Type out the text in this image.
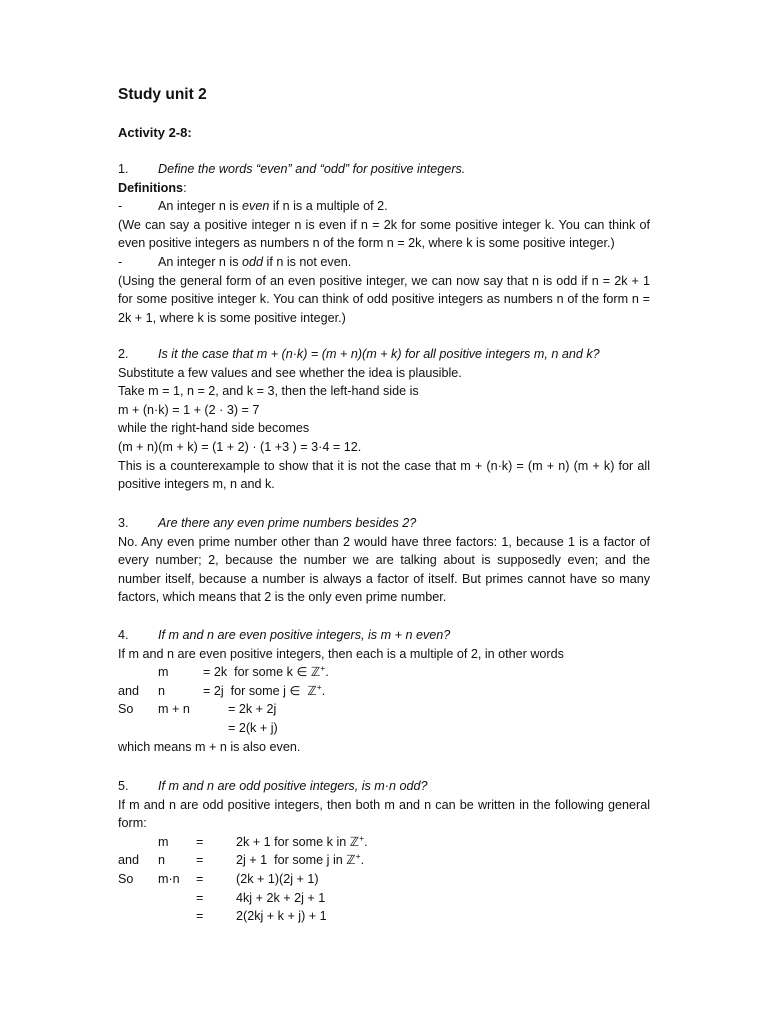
Study unit 2
Activity 2-8:
1.	Define the words “even” and “odd” for positive integers.
Definitions:
-	An integer n is even if n is a multiple of 2.
(We can say a positive integer n is even if n = 2k for some positive integer k. You can think of even positive integers as numbers n of the form n = 2k, where k is some positive integer.)
-	An integer n is odd if n is not even.
(Using the general form of an even positive integer, we can now say that n is odd if n = 2k + 1 for some positive integer k. You can think of odd positive integers as numbers n of the form n = 2k + 1, where k is some positive integer.)
2.	Is it the case that m + (n·k) = (m + n)(m + k) for all positive integers m, n and k?
Substitute a few values and see whether the idea is plausible.
Take m = 1, n = 2, and k = 3, then the left-hand side is
m + (n·k) = 1 + (2 · 3) = 7
while the right-hand side becomes
(m + n)(m + k) = (1 + 2) · (1 +3 ) = 3·4 = 12.
This is a counterexample to show that it is not the case that m + (n·k) = (m + n) (m + k) for all positive integers m, n and k.
3.	Are there any even prime numbers besides 2?
No. Any even prime number other than 2 would have three factors: 1, because 1 is a factor of every number; 2, because the number we are talking about is supposedly even; and the number itself, because a number is always a factor of itself. But primes cannot have so many factors, which means that 2 is the only even prime number.
4.	If m and n are even positive integers, is m + n even?
If m and n are even positive integers, then each is a multiple of 2, in other words
m	= 2k  for some k ∈ ℤ+.
and	n	= 2j  for some j ∈  ℤ+.
So	m + n	= 2k + 2j
= 2(k + j)
which means m + n is also even.
5.	If m and n are odd positive integers, is m·n odd?
If m and n are odd positive integers, then both m and n can be written in the following general form:
m	=	2k + 1 for some k in ℤ+.
and	n	=	2j + 1  for some j in ℤ+.
So	m·n	=	(2k + 1)(2j + 1)
=	4kj + 2k + 2j + 1
=	2(2kj + k + j) + 1
